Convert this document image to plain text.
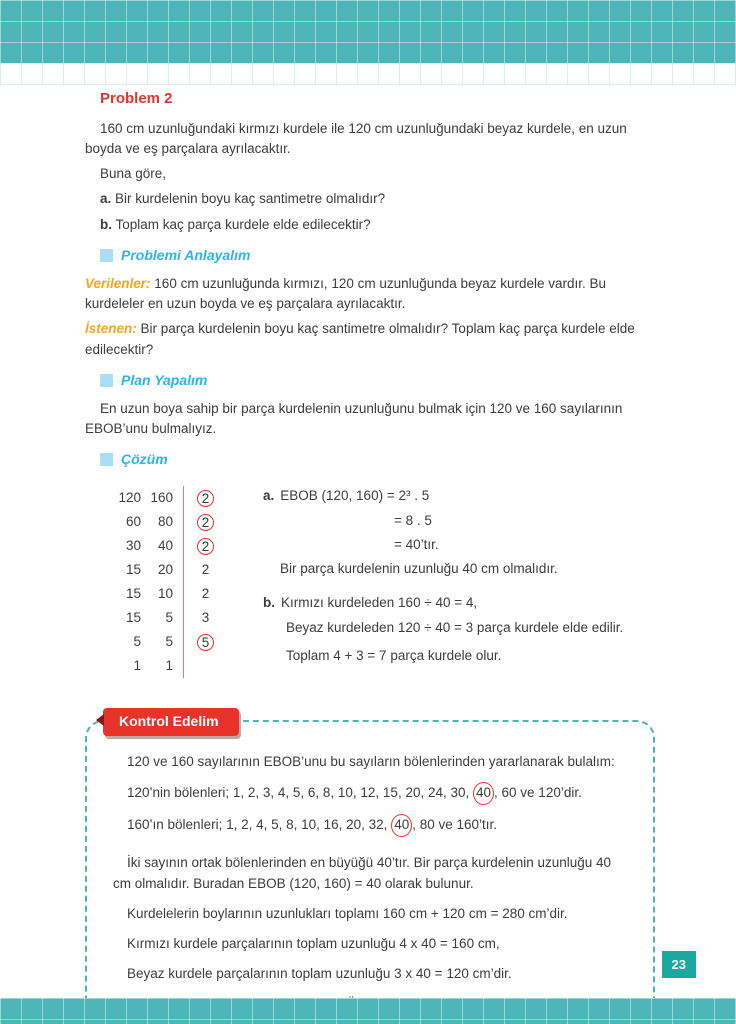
Problem 2

160 cm uzunluğundaki kırmızı kurdele ile 120 cm uzunluğundaki beyaz kurdele, en uzun boyda ve eş parçalara ayrılacaktır.

Buna göre,

a. Bir kurdelenin boyu kaç santimetre olmalıdır?

b. Toplam kaç parça kurdele elde edilecektir?

Problemi Anlayalım

Verilenler: 160 cm uzunluğunda kırmızı, 120 cm uzunluğunda beyaz kurdele vardır. Bu kurdeleler en uzun boyda ve eş parçalara ayrılacaktır.

İstenen: Bir parça kurdelenin boyu kaç santimetre olmalıdır? Toplam kaç parça kurdele elde edilecektir?

Plan Yapalım

En uzun boya sahip bir parça kurdelenin uzunluğunu bulmak için 120 ve 160 sayılarının EBOB’unu bulmalıyız.

Çözüm
120 160	2
60	80	2
30	40	2
15	20	2
15	10	2
15	5	3
5	5	5
1	1
a. EBOB (120, 160) = 2³ . 5
= 8 . 5
= 40’tır.

Bir parça kurdelenin uzunluğu 40 cm olmalıdır.

b. Kırmızı kurdeleden 160 ÷ 40 = 4,

Beyaz kurdeleden 120 ÷ 40 = 3 parça kurdele elde edilir.

Toplam 4 + 3 = 7 parça kurdele olur.

Kontrol Edelim

120 ve 160 sayılarının EBOB’unu bu sayıların bölenlerinden yararlanarak bulalım:

120’nin bölenleri; 1, 2, 3, 4, 5, 6, 8, 10, 12, 15, 20, 24, 30, 40 , 60 ve 120’dir.

160’ın bölenleri; 1, 2, 4, 5, 8, 10, 16, 20, 32, 40 , 80 ve 160’tır.

İki sayının ortak bölenlerinden en büyüğü 40’tır. Bir parça kurdelenin uzunluğu 40 cm olmalıdır. Buradan EBOB (120, 160) = 40 olarak bulunur.

Kurdelelerin boylarının uzunlukları toplamı 160 cm + 120 cm = 280 cm’dir.

Kırmızı kurdele parçalarının toplam uzunluğu 4 x 40 = 160 cm,

Beyaz kurdele parçalarının toplam uzunluğu 3 x 40 = 120 cm’dir.

23
